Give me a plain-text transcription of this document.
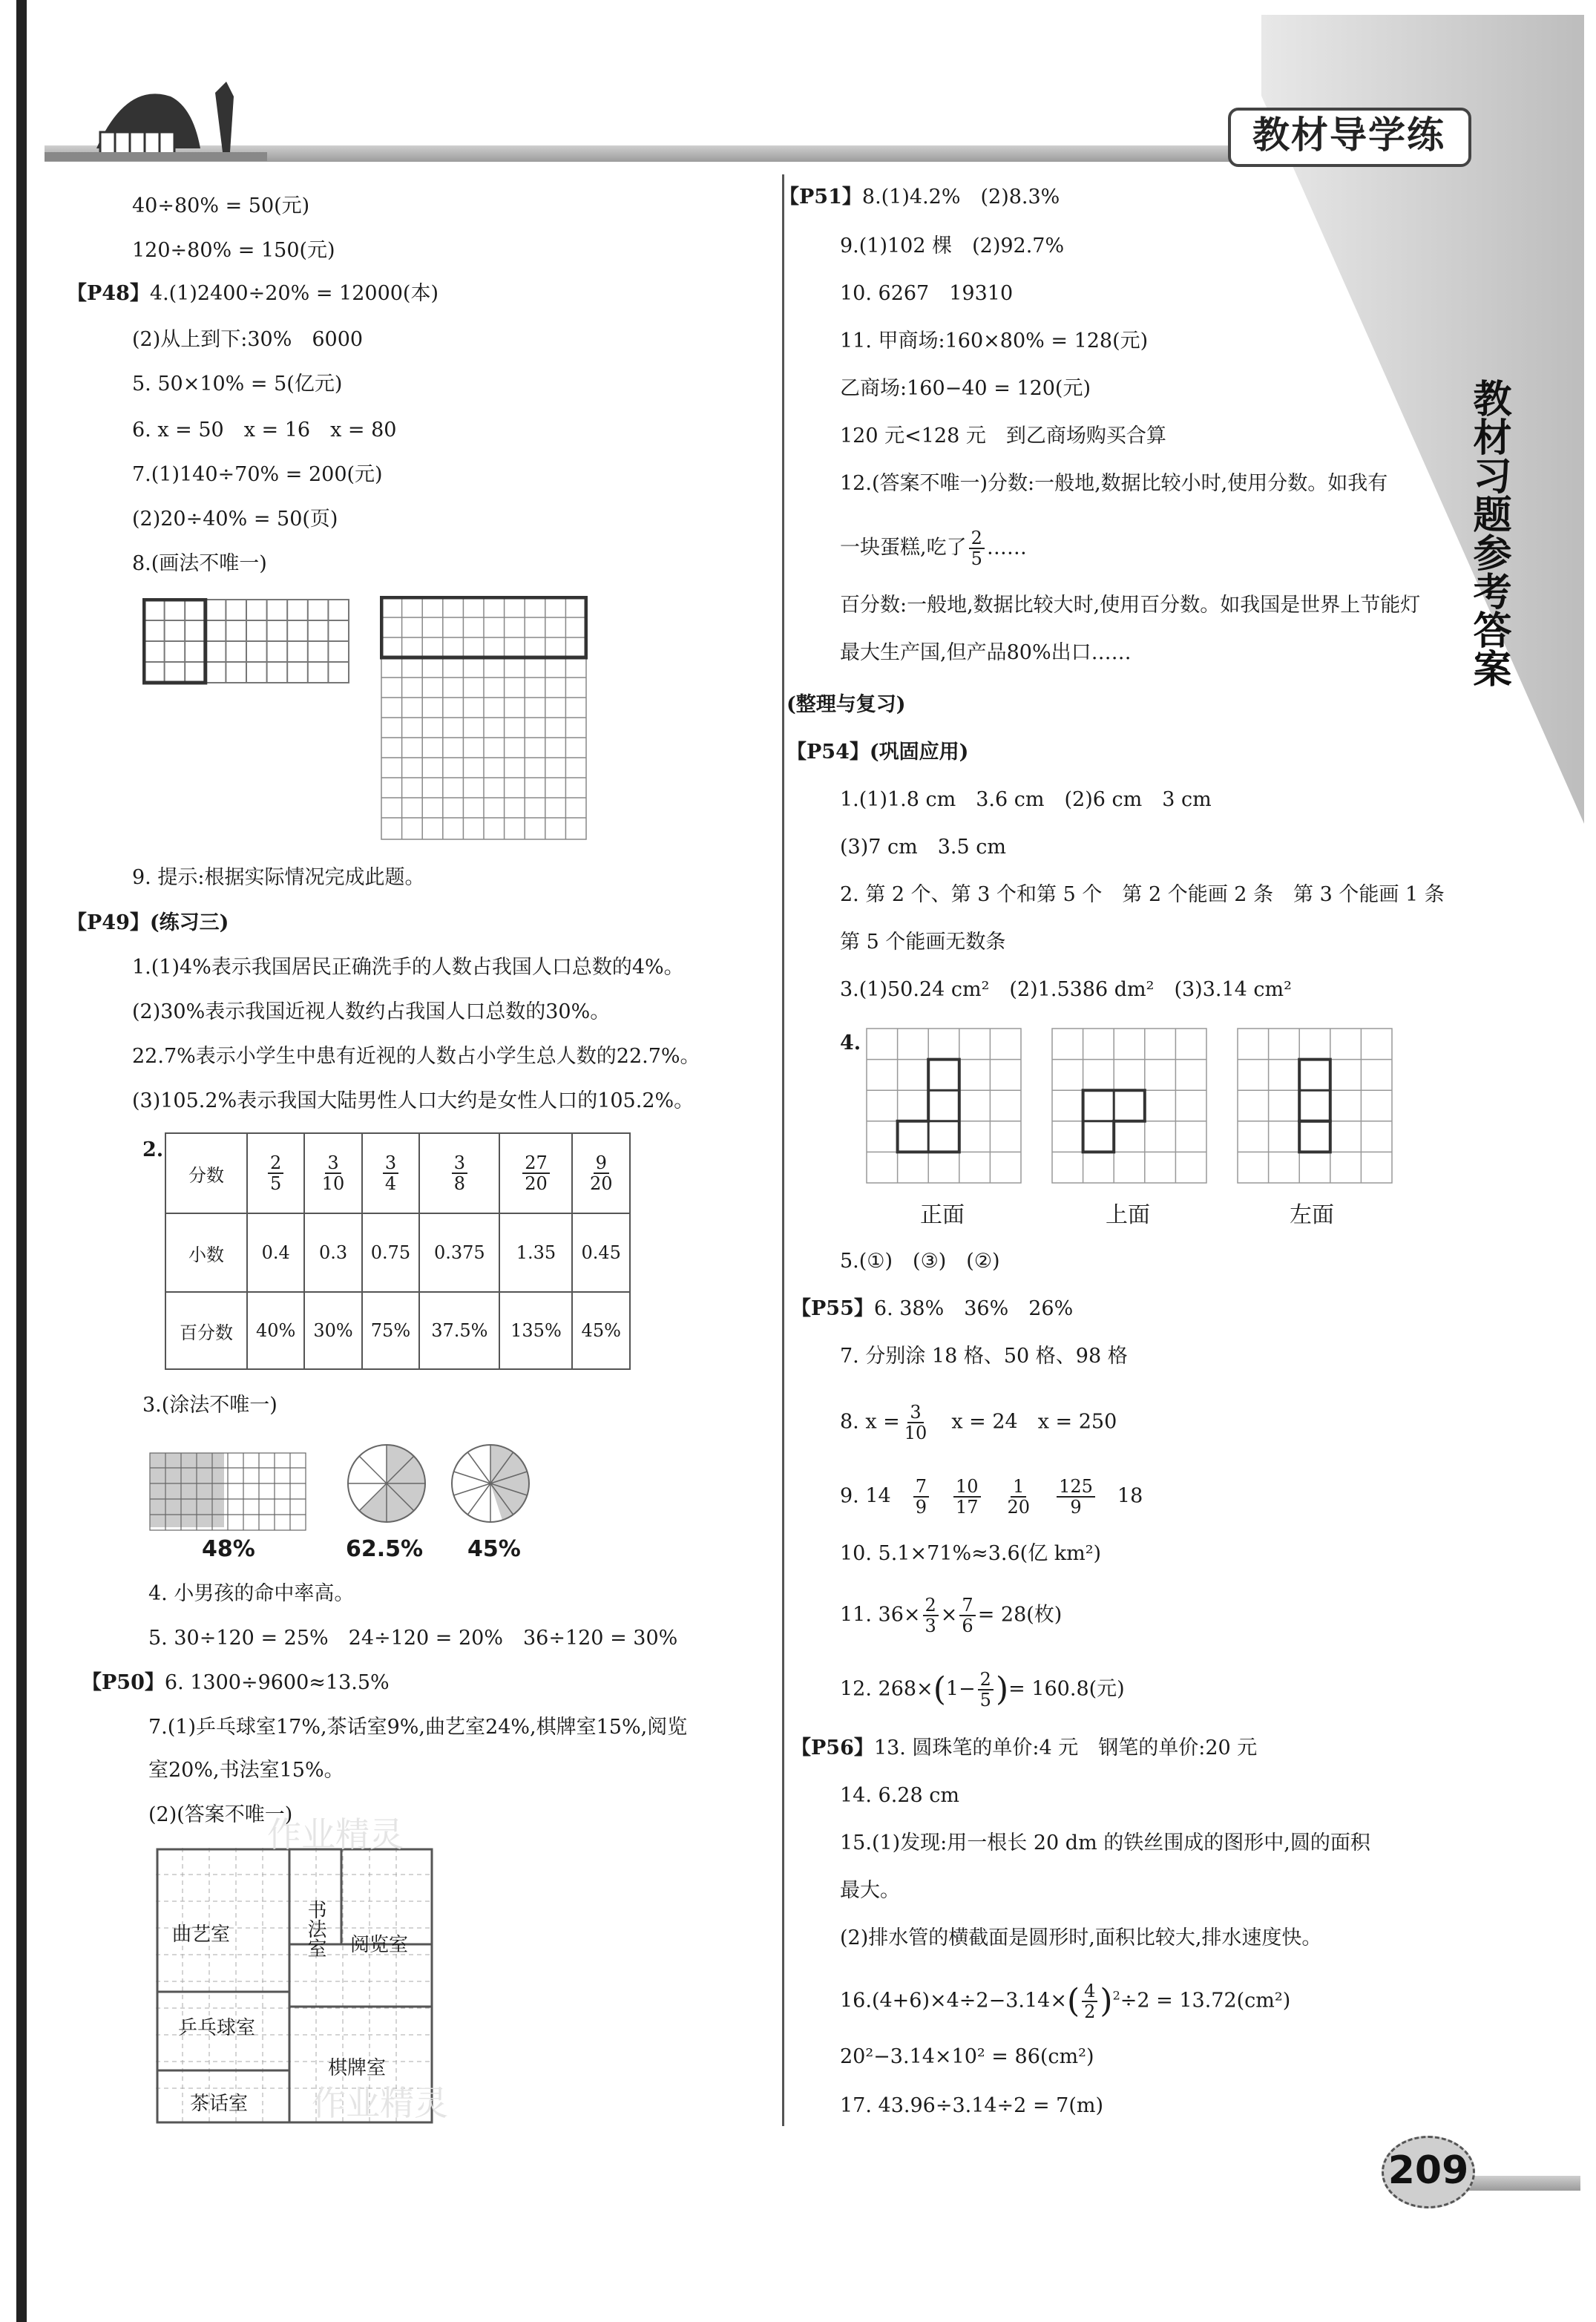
教材导学练
教材习题参考答案
40÷80% = 50(元)
120÷80% = 150(元)
【P48】4.(1)2400÷20% = 12000(本)
(2)从上到下:30%　6000
5. 50×10% = 5(亿元)
6. x = 50　x = 16　x = 80
7.(1)140÷70% = 200(元)
(2)20÷40% = 50(页)
8.(画法不唯一)
9. 提示:根据实际情况完成此题。
【P49】(练习三)
1.(1)4%表示我国居民正确洗手的人数占我国人口总数的4%。
(2)30%表示我国近视人数约占我国人口总数的30%。
22.7%表示小学生中患有近视的人数占小学生总人数的22.7%。
(3)105.2%表示我国大陆男性人口大约是女性人口的105.2%。
2.
分数	$\frac{2}{5}$	$\frac{3}{10}$	$\frac{3}{4}$	$\frac{3}{8}$	$\frac{27}{20}$	$\frac{9}{20}$

小数	0.4	0.3	0.75	0.375	1.35	0.45
百分数	40%	30%	75%	37.5%	135%	45%
3.(涂法不唯一)
48%	62.5% 45%
4. 小男孩的命中率高。
5. 30÷120 = 25%　24÷120 = 20%　36÷120 = 30%
【P50】6. 1300÷9600≈13.5%
7.(1)乒乓球室17%,茶话室9%,曲艺室24%,棋牌室15%,阅览
室20%,书法室15%。
(2)(答案不唯一)
曲艺室	书法室 阅览室
乒乓球室
棋牌室
茶话室
作业精灵
作业精灵
【P51】8.(1)4.2%　(2)8.3%
9.(1)102 棵　(2)92.7%
10. 6267　19310
11. 甲商场:160×80% = 128(元)
乙商场:160−40 = 120(元)
120 元<128 元　到乙商场购买合算
12.(答案不唯一)分数:一般地,数据比较小时,使用分数。如我有
一块蛋糕,吃了 $\frac{2}{5}$ ……
百分数:一般地,数据比较大时,使用百分数。如我国是世界上节能灯
最大生产国,但产品80%出口……
(整理与复习)
【P54】(巩固应用)
1.(1)1.8 cm　3.6 cm　(2)6 cm　3 cm
(3)7 cm　3.5 cm
2. 第 2 个、第 3 个和第 5 个　第 2 个能画 2 条　第 3 个能画 1 条
第 5 个能画无数条
3.(1)50.24 cm²　(2)1.5386 dm²　(3)3.14 cm²
4.
正面	上面	左面
5.(①)　(③)　(②)
【P55】6. 38%　36%　26%
7. 分别涂 18 格、50 格、98 格
8. $x = \frac{3}{10}$
　 x = 24　x = 250
9. 14　 $\frac{7}{9}$
　 $\frac{10}{17}$
　 $\frac{1}{20}$
　 $\frac{125}{9}$
　 18
10. 5.1×71%≈3.6(亿 km²)
11. $36\times \frac{2}{3} \times \frac{7}{6} = 28$(枚)
12. $268\times(1- \frac{2}{5}$ )= 160.8(元)
【P56】13. 圆珠笔的单价:4 元　钢笔的单价:20 元
14. 6.28 cm
15.(1)发现:用一根长 20 dm 的铁丝围成的图形中,圆的面积
最大。
(2)排水管的横截面是圆形时,面积比较大,排水速度快。
$16.(4+6)\times 4\div 2-3.14\times( \frac{4}{2} )^2\div 2 = 13.72(cm^2)$
20²−3.14×10² = 86(cm²)
17. 43.96÷3.14÷2 = 7(m)
209
